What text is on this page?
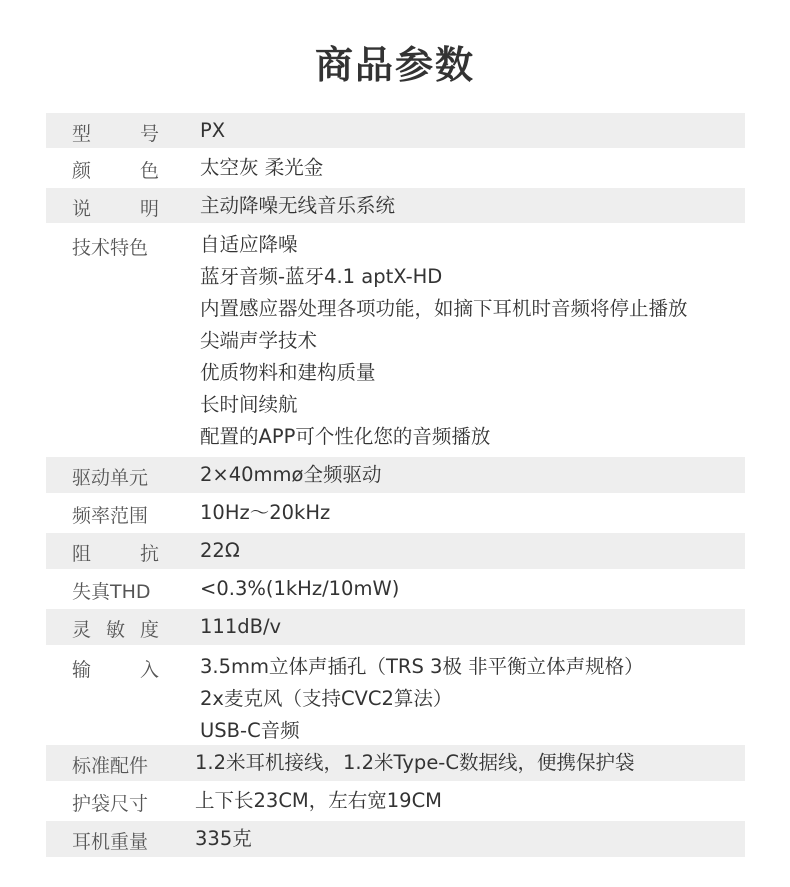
商品参数
型	号 PX
颜	色 太空灰 柔光金
说	明 主动降噪无线音乐系统
技术特色	自适应降噪
蓝牙音频-蓝牙4.1 aptX-HD
内置感应器处理各项功能，如摘下耳机时音频将停止播放
尖端声学技术
优质物料和建构质量
长时间续航
配置的APP可个性化您的音频播放
驱动单元	2×40mmø全频驱动
频率范围	10Hz～20kHz
阻	抗 22Ω
失真THD	<0.3%(1kHz/10mW)
灵 敏 度 111dB/v
输	入 3.5mm立体声插孔（TRS 3极 非平衡立体声规格）
2x麦克风（支持CVC2算法）
USB-C音频
标准配件 1.2米耳机接线，1.2米Type-C数据线，便携保护袋
护袋尺寸 上下长23CM，左右宽19CM
耳机重量 335克
